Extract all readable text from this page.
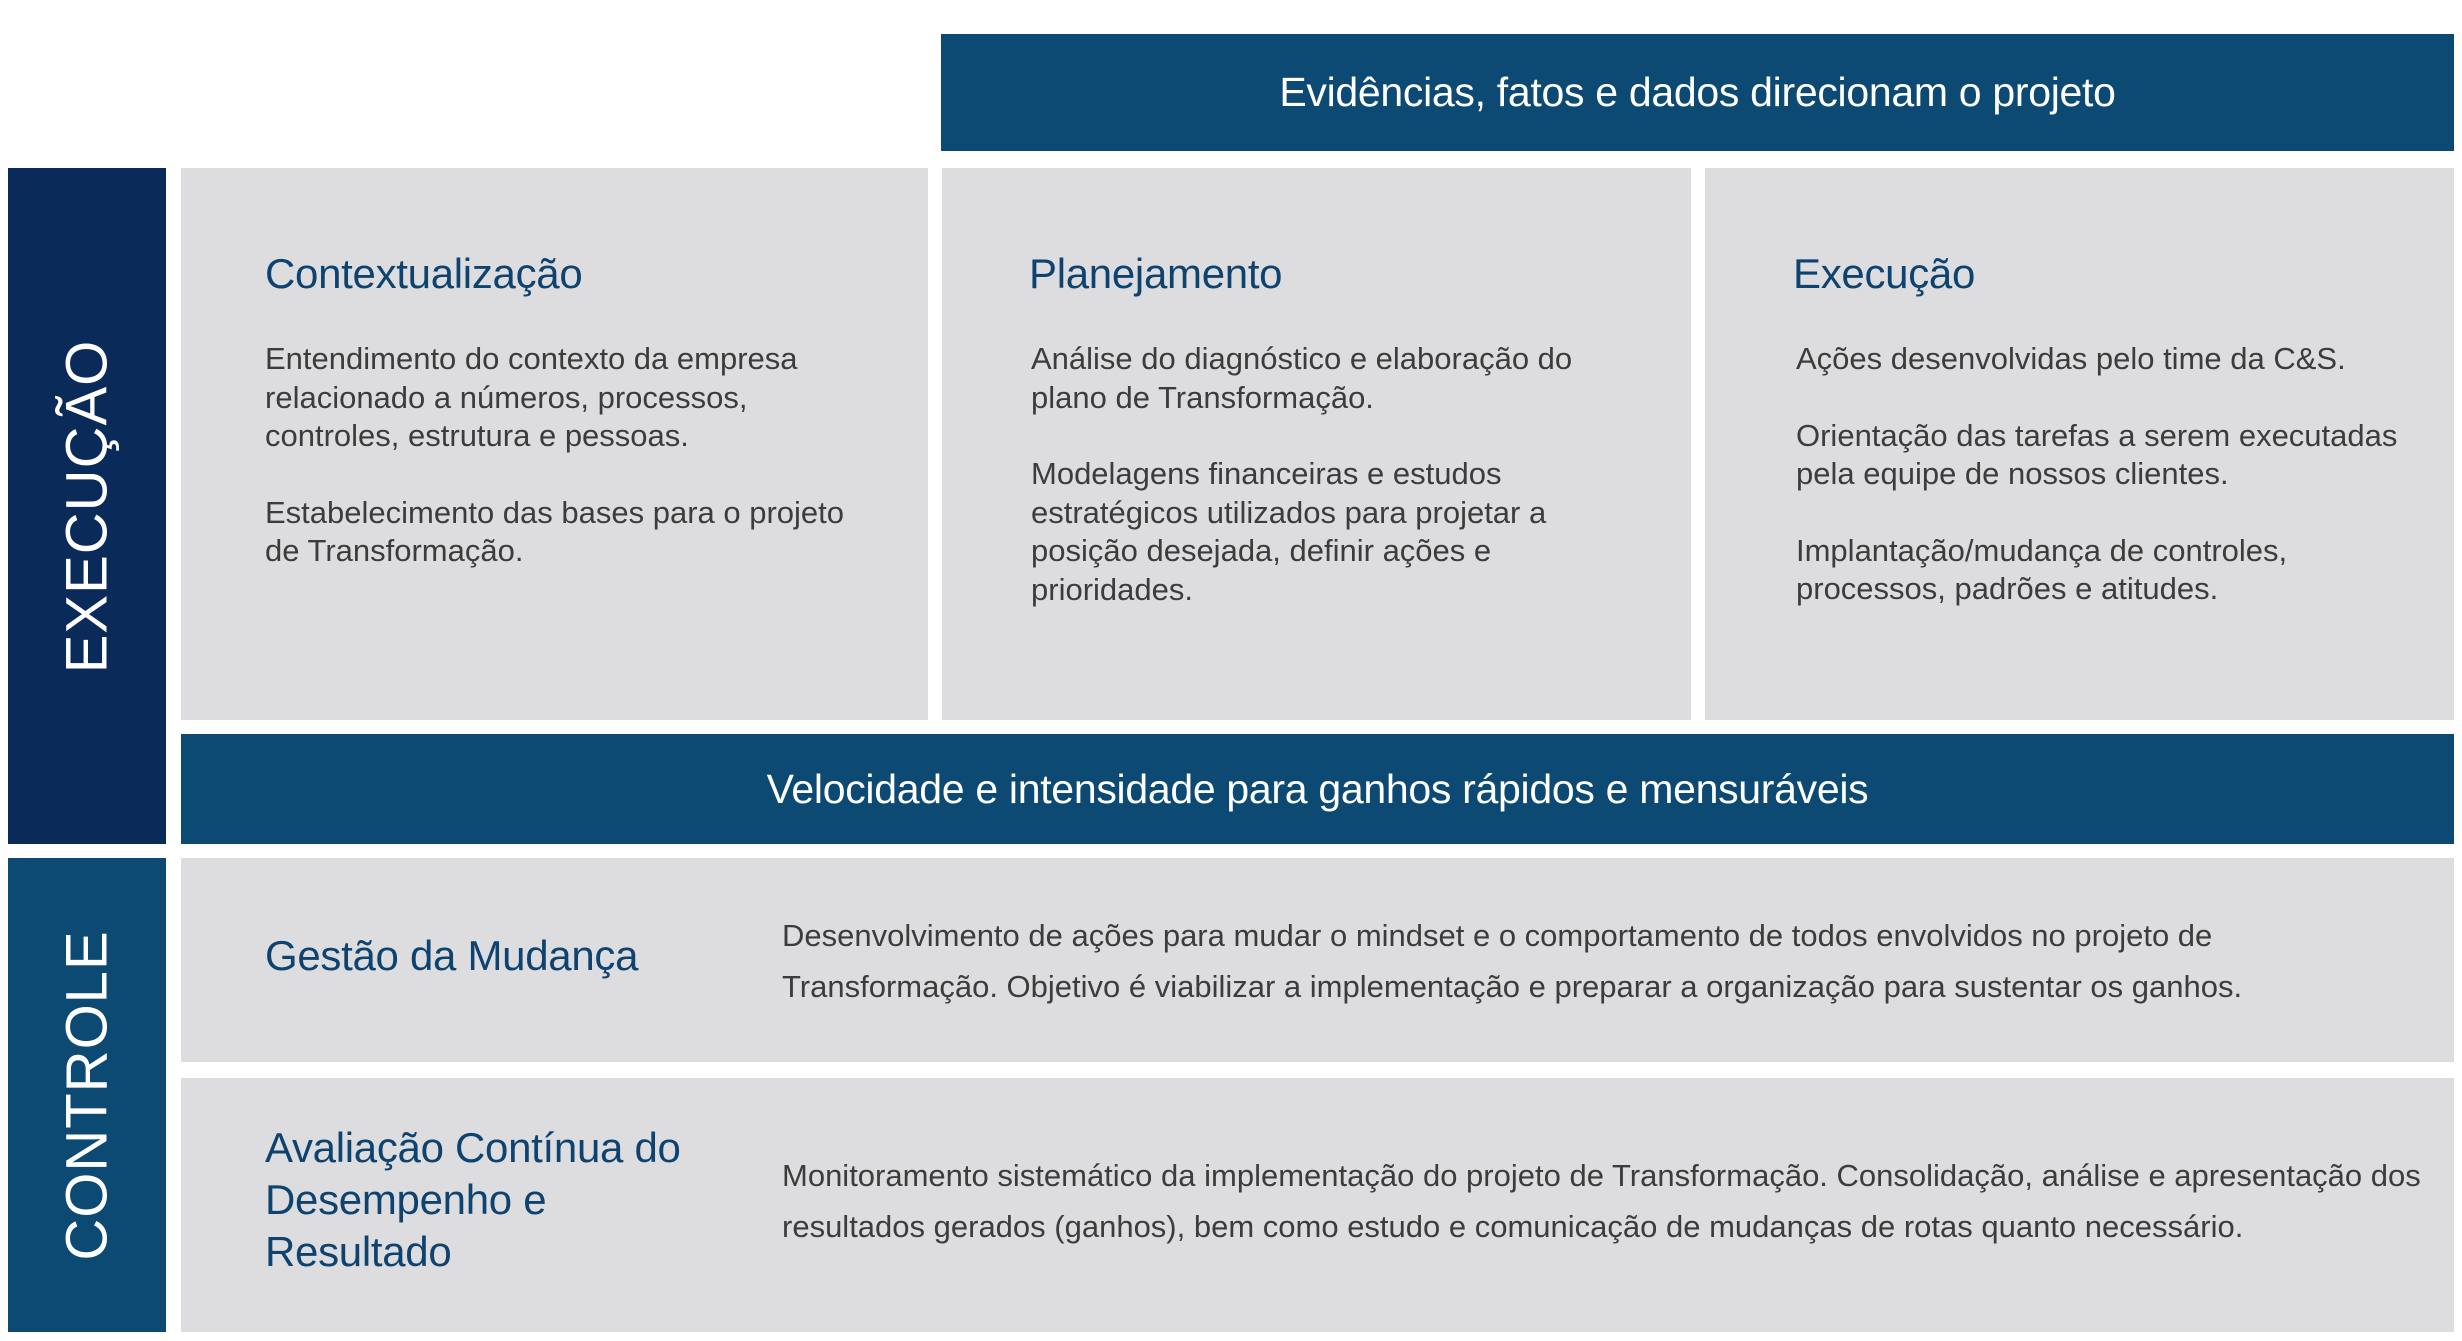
Evidências, fatos e dados direcionam o projeto
EXECUÇÃO
CONTROLE
Contextualização

Entendimento do contexto da empresa relacionado a números, processos, controles, estrutura e pessoas.

Estabelecimento das bases para o projeto de Transformação.

Planejamento

Análise do diagnóstico e elaboração do plano de Transformação.

Modelagens financeiras e estudos estratégicos utilizados para projetar a posição desejada, definir ações e prioridades.

Execução

Ações desenvolvidas pelo time da C&S.

Orientação das tarefas a serem executadas pela equipe de nossos clientes.

Implantação/mudança de controles, processos, padrões e atitudes.

Velocidade e intensidade para ganhos rápidos e mensuráveis
Gestão da Mudança	Desenvolvimento de ações para mudar o mindset e o comportamento de todos envolvidos no projeto de Transformação. Objetivo é viabilizar a implementação e preparar a organização para sustentar os ganhos.
Avaliação Contínua do Desempenho e Resultado
Monitoramento sistemático da implementação do projeto de Transformação. Consolidação, análise e apresentação dos resultados gerados (ganhos), bem como estudo e comunicação de mudanças de rotas quanto necessário.
